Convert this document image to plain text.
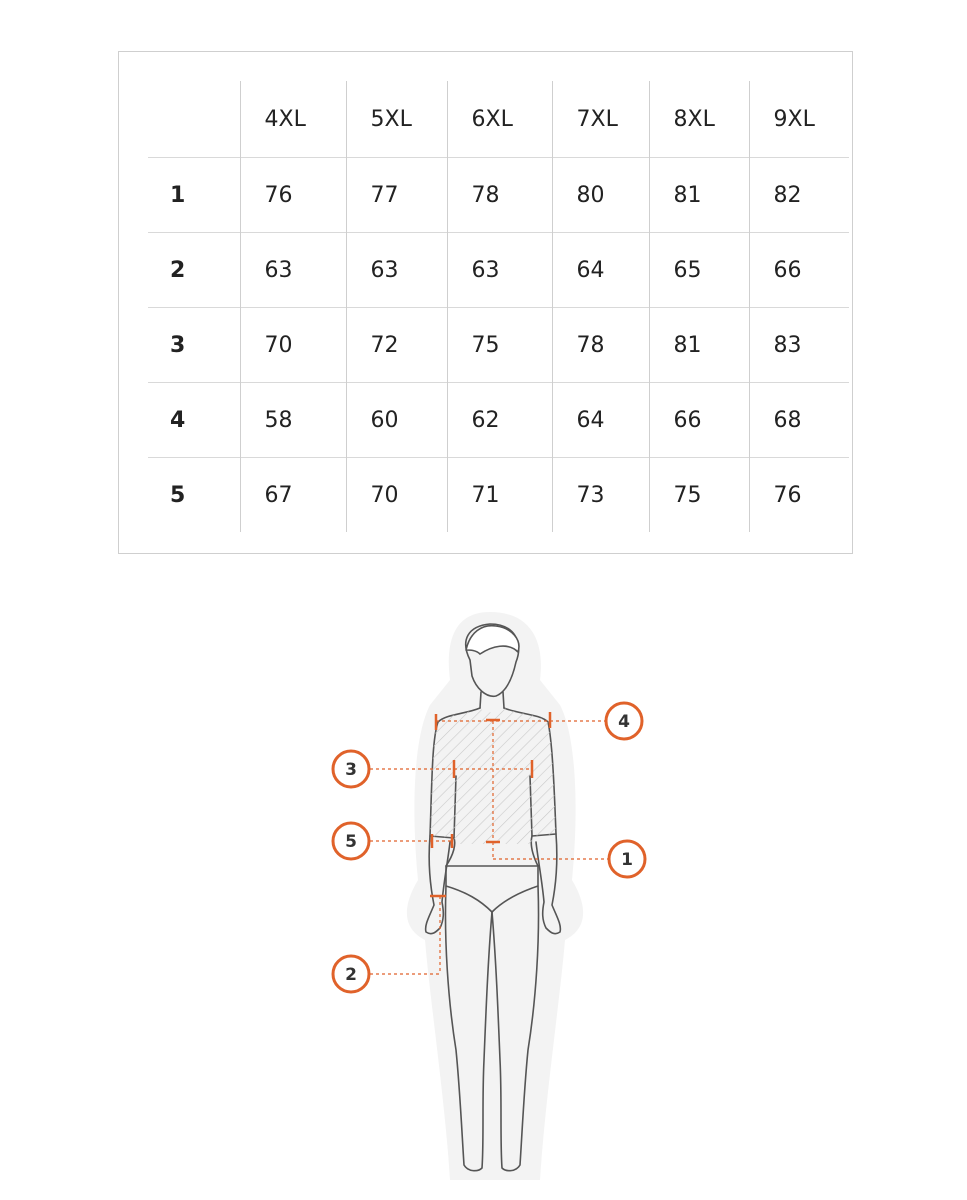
	4XL	5XL	6XL	7XL	8XL	9XL
1	76	77	78	80	81	82
2	63	63	63	64	65	66
3	70	72	75	78	81	83
4	58	60	62	64	66	68
5	67	70	71	73	75	76
4
3
5
1
2
